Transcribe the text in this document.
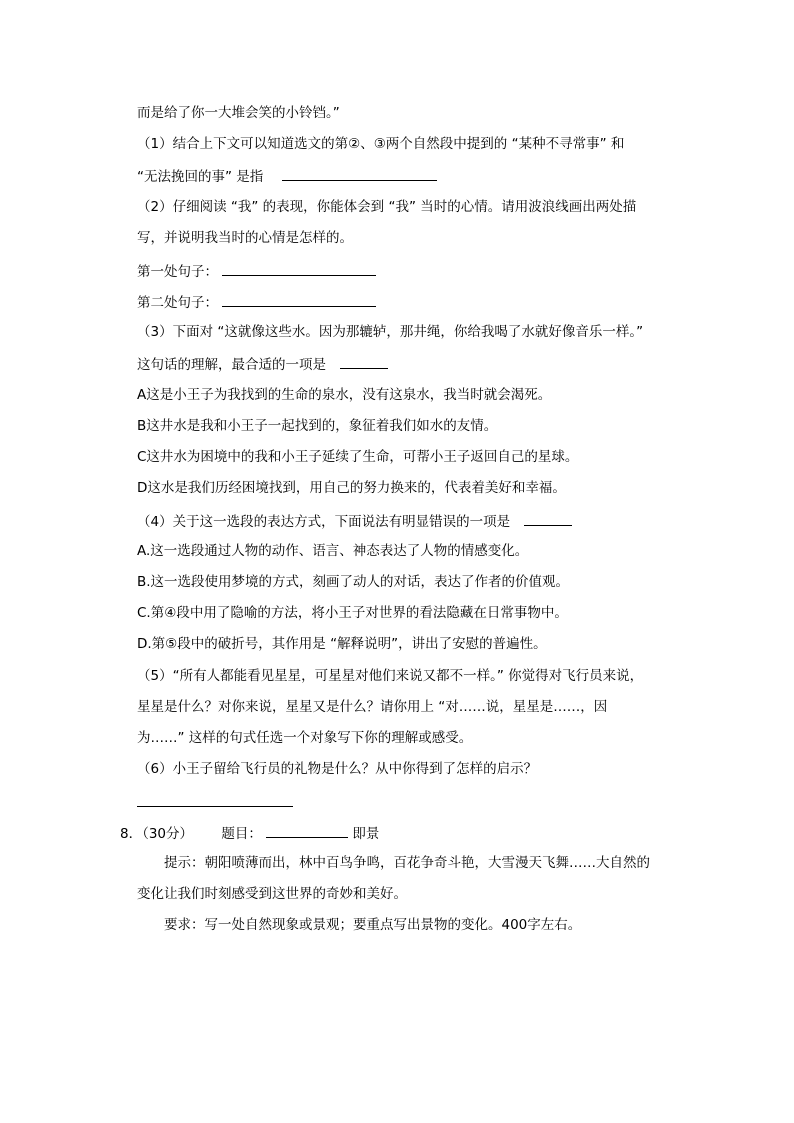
而是给了你一大堆会笑的小铃铛。”
（1）结合上下文可以知道选文的第②、③两个自然段中提到的 “某种不寻常事” 和
“无法挽回的事” 是指
（2）仔细阅读 “我” 的表现，你能体会到 “我” 当时的心情。请用波浪线画出两处描
写，并说明我当时的心情是怎样的。
第一处句子：
第二处句子：
（3）下面对 “这就像这些水。因为那辘轳，那井绳，你给我喝了水就好像音乐一样。”
这句话的理解，最合适的一项是
A这是小王子为我找到的生命的泉水，没有这泉水，我当时就会渴死。
B这井水是我和小王子一起找到的，象征着我们如水的友情。
C这井水为困境中的我和小王子延续了生命，可帮小王子返回自己的星球。
D这水是我们历经困境找到，用自己的努力换来的，代表着美好和幸福。
（4）关于这一选段的表达方式，下面说法有明显错误的一项是
A.这一选段通过人物的动作、语言、神态表达了人物的情感变化。
B.这一选段使用梦境的方式，刻画了动人的对话，表达了作者的价值观。
C.第④段中用了隐喻的方法，将小王子对世界的看法隐藏在日常事物中。
D.第⑤段中的破折号，其作用是 “解释说明”，讲出了安慰的普遍性。
（5）“所有人都能看见星星，可星星对他们来说又都不一样。” 你觉得对飞行员来说，
星星是什么？对你来说，星星又是什么？请你用上 “对……说，星星是……，因
为……” 这样的句式任选一个对象写下你的理解或感受。
（6）小王子留给飞行员的礼物是什么？从中你得到了怎样的启示？
8．（30分） 题目：	即景
提示：朝阳喷薄而出，林中百鸟争鸣，百花争奇斗艳，大雪漫天飞舞……大自然的
变化让我们时刻感受到这世界的奇妙和美好。
要求：写一处自然现象或景观；要重点写出景物的变化。400字左右。
